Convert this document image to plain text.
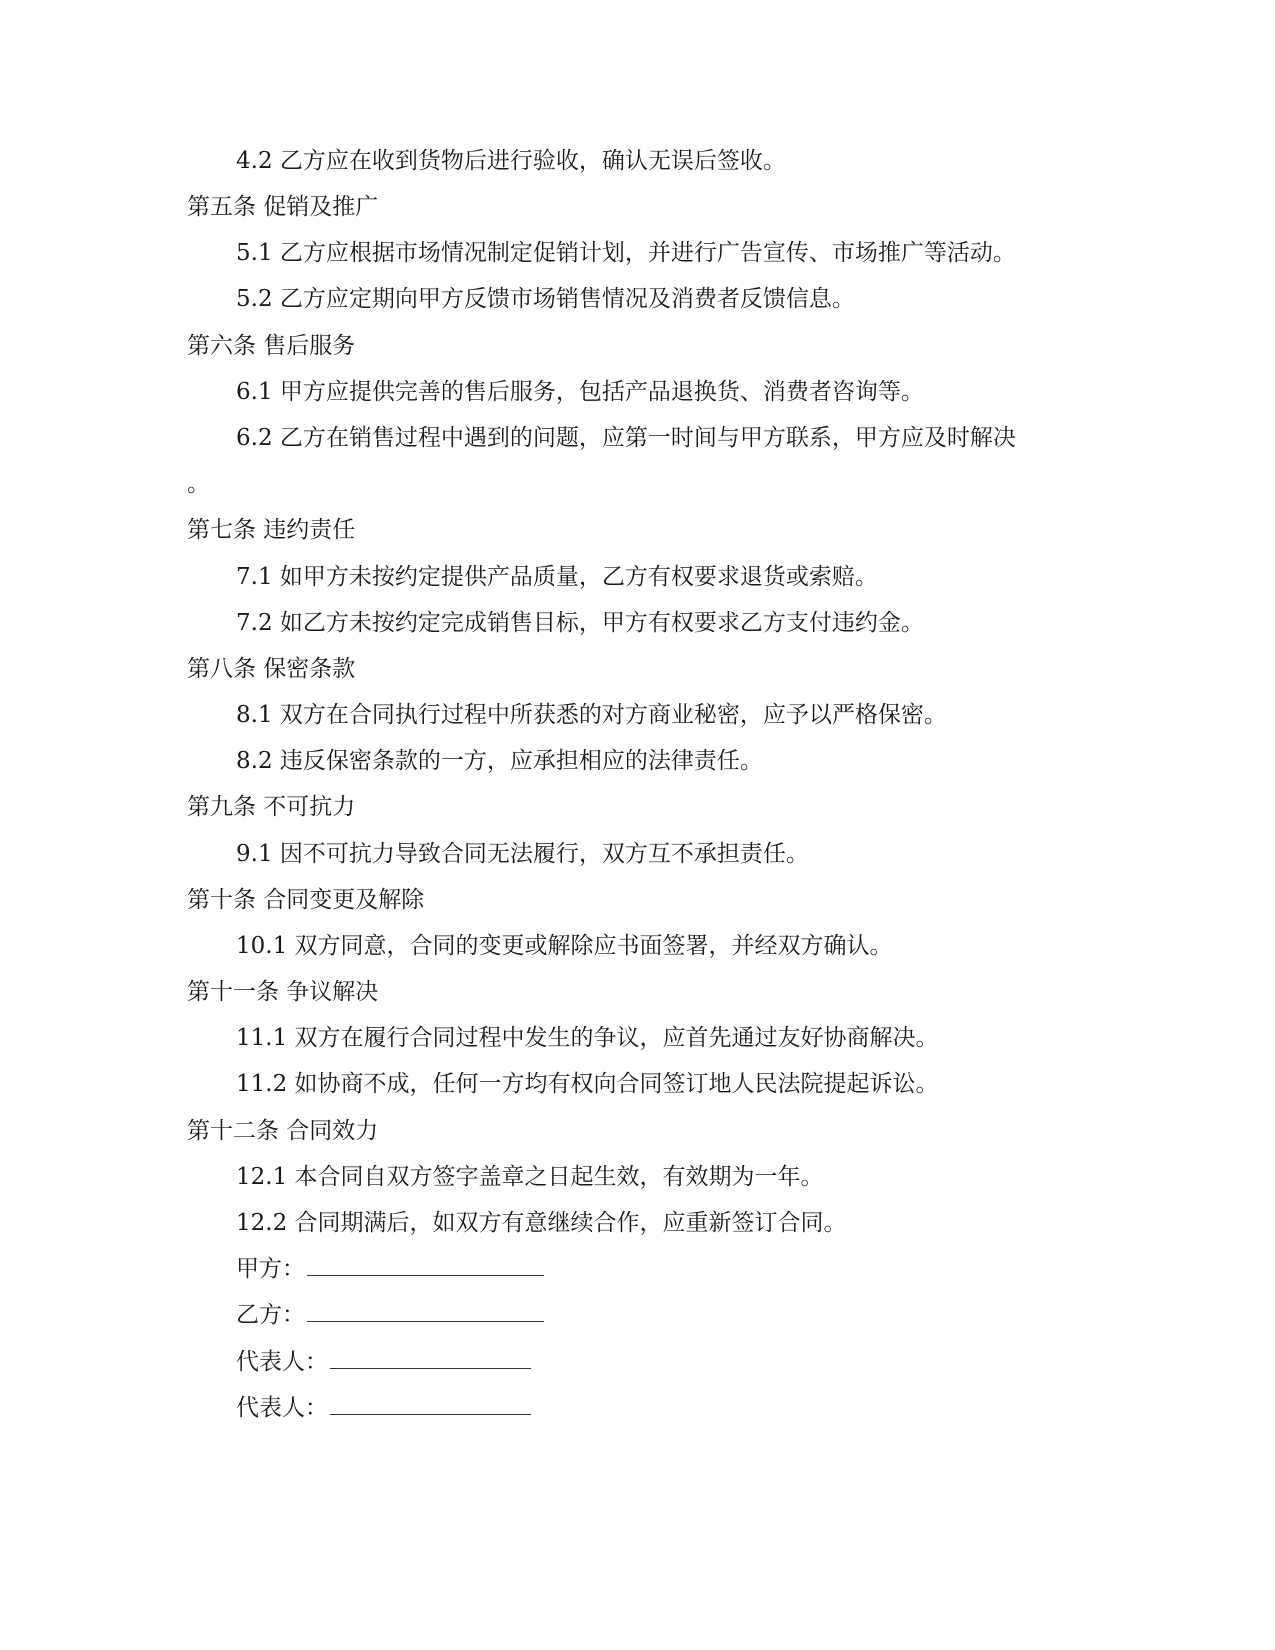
4.2 乙方应在收到货物后进行验收，确认无误后签收。
第五条 促销及推广
5.1 乙方应根据市场情况制定促销计划，并进行广告宣传、市场推广等活动。
5.2 乙方应定期向甲方反馈市场销售情况及消费者反馈信息。
第六条 售后服务
6.1 甲方应提供完善的售后服务，包括产品退换货、消费者咨询等。
6.2 乙方在销售过程中遇到的问题，应第一时间与甲方联系，甲方应及时解决
。
第七条 违约责任
7.1 如甲方未按约定提供产品质量，乙方有权要求退货或索赔。
7.2 如乙方未按约定完成销售目标，甲方有权要求乙方支付违约金。
第八条 保密条款
8.1 双方在合同执行过程中所获悉的对方商业秘密，应予以严格保密。
8.2 违反保密条款的一方，应承担相应的法律责任。
第九条 不可抗力
9.1 因不可抗力导致合同无法履行，双方互不承担责任。
第十条 合同变更及解除
10.1 双方同意，合同的变更或解除应书面签署，并经双方确认。
第十一条 争议解决
11.1 双方在履行合同过程中发生的争议，应首先通过友好协商解决。
11.2 如协商不成，任何一方均有权向合同签订地人民法院提起诉讼。
第十二条 合同效力
12.1 本合同自双方签字盖章之日起生效，有效期为一年。
12.2 合同期满后，如双方有意继续合作，应重新签订合同。
甲方：
乙方：
代表人：
代表人：
